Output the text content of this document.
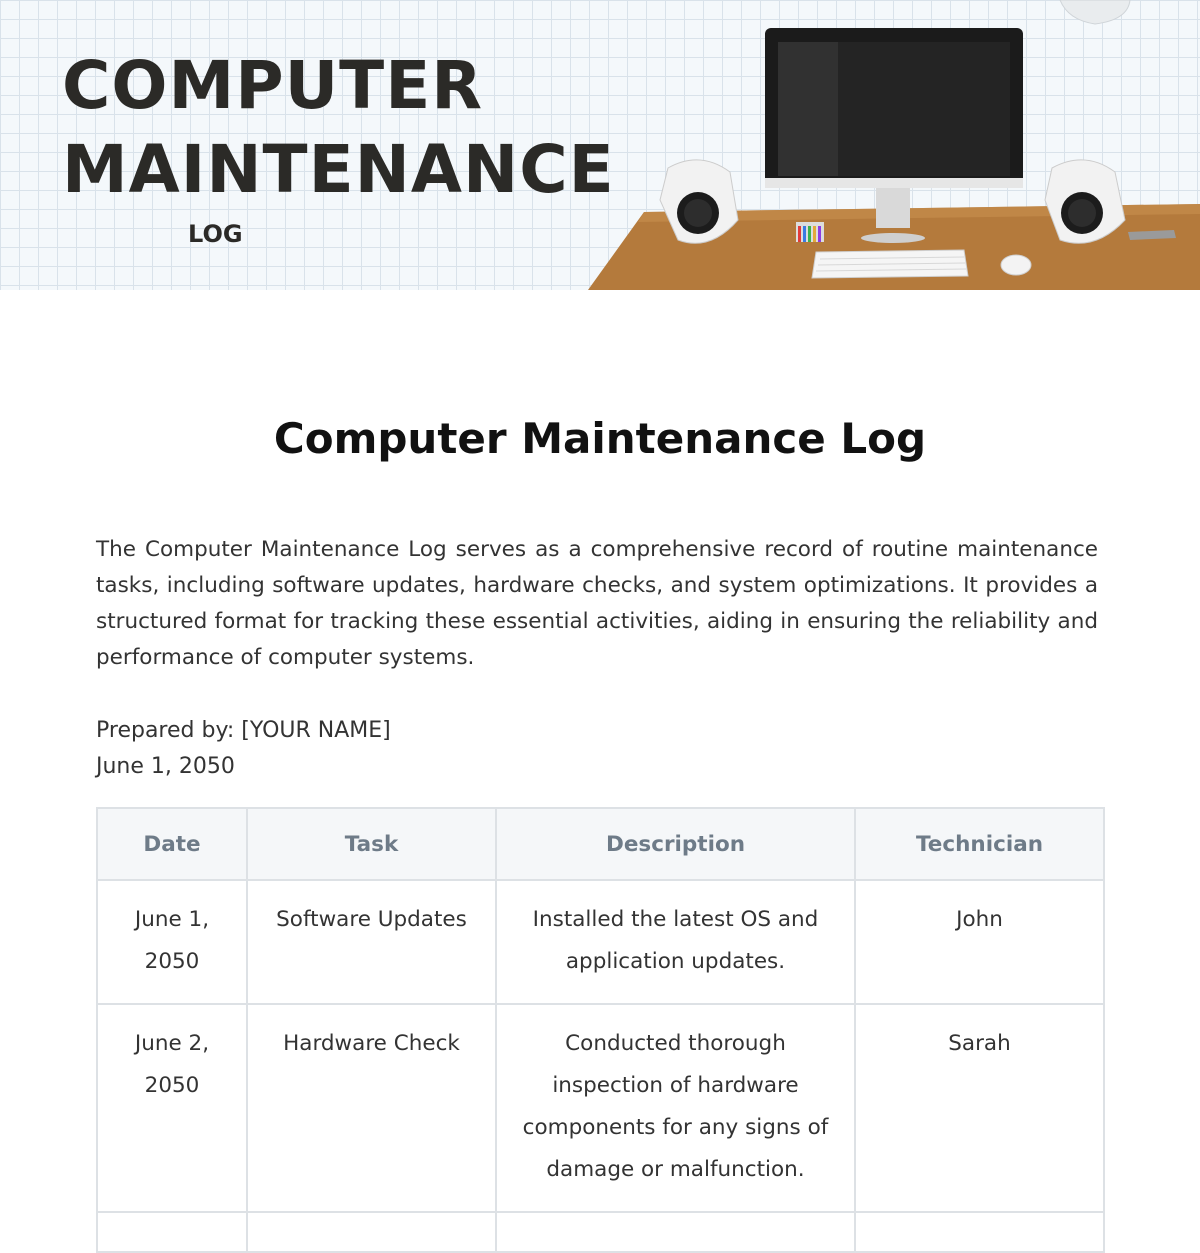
COMPUTER
MAINTENANCE
LOG
Computer Maintenance Log

The Computer Maintenance Log serves as a comprehensive record of routine maintenance tasks, including software updates, hardware checks, and system optimizations. It provides a structured format for tracking these essential activities, aiding in ensuring the reliability and performance of computer systems.

Prepared by: [YOUR NAME]
June 1, 2050
Date	Task	Description	Technician

June 1, 2050	Software Updates	Installed the latest OS and application updates.	John

June 2, 2050	Hardware Check	Conducted thorough inspection of hardware components for any signs of damage or malfunction.	Sarah
